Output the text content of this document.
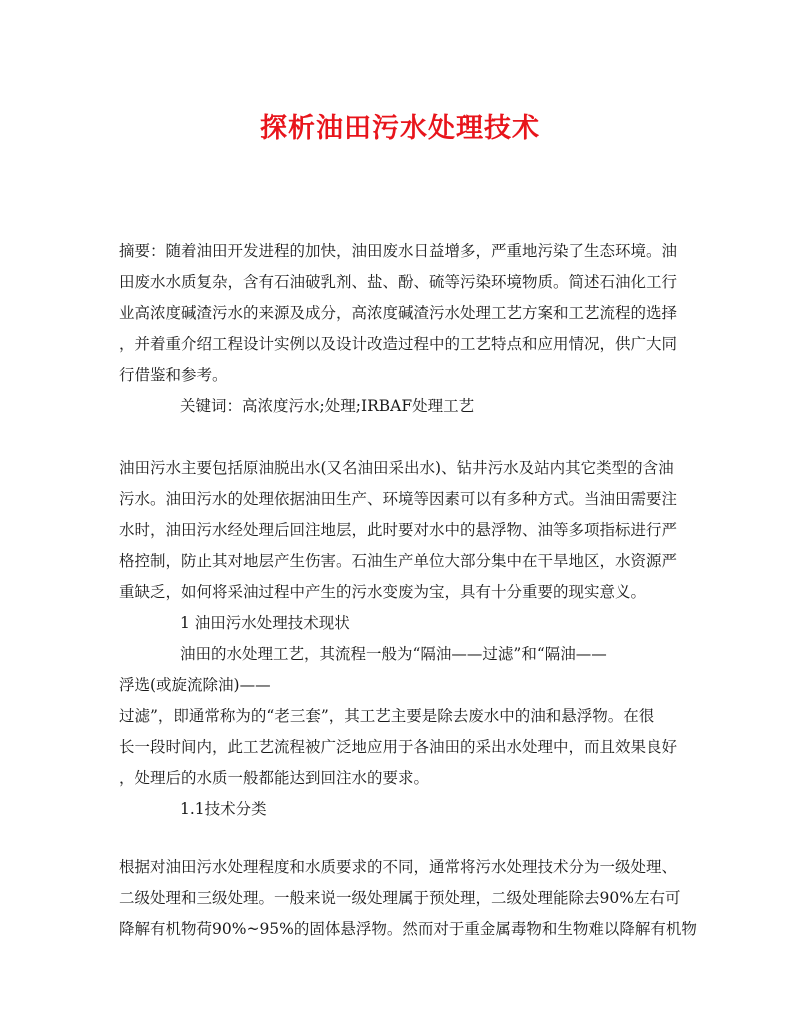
探析油田污水处理技术
摘要：随着油田开发进程的加快，油田废水日益增多，严重地污染了生态环境。油
田废水水质复杂，含有石油破乳剂、盐、酚、硫等污染环境物质。简述石油化工行
业高浓度碱渣污水的来源及成分，高浓度碱渣污水处理工艺方案和工艺流程的选择
，并着重介绍工程设计实例以及设计改造过程中的工艺特点和应用情况，供广大同
行借鉴和参考。
关键词：高浓度污水;处理;IRBAF处理工艺
油田污水主要包括原油脱出水(又名油田采出水)、钻井污水及站内其它类型的含油
污水。油田污水的处理依据油田生产、环境等因素可以有多种方式。当油田需要注
水时，油田污水经处理后回注地层，此时要对水中的悬浮物、油等多项指标进行严
格控制，防止其对地层产生伤害。石油生产单位大部分集中在干旱地区，水资源严
重缺乏，如何将采油过程中产生的污水变废为宝，具有十分重要的现实意义。
1 油田污水处理技术现状
油田的水处理工艺，其流程一般为“隔油——过滤”和“隔油——
浮选(或旋流除油)——
过滤”，即通常称为的“老三套”，其工艺主要是除去废水中的油和悬浮物。在很
长一段时间内，此工艺流程被广泛地应用于各油田的采出水处理中，而且效果良好
，处理后的水质一般都能达到回注水的要求。
1.1技术分类
根据对油田污水处理程度和水质要求的不同，通常将污水处理技术分为一级处理、
二级处理和三级处理。一般来说一级处理属于预处理，二级处理能除去90%左右可
降解有机物荷90%~95%的固体悬浮物。然而对于重金属毒物和生物难以降解有机物
